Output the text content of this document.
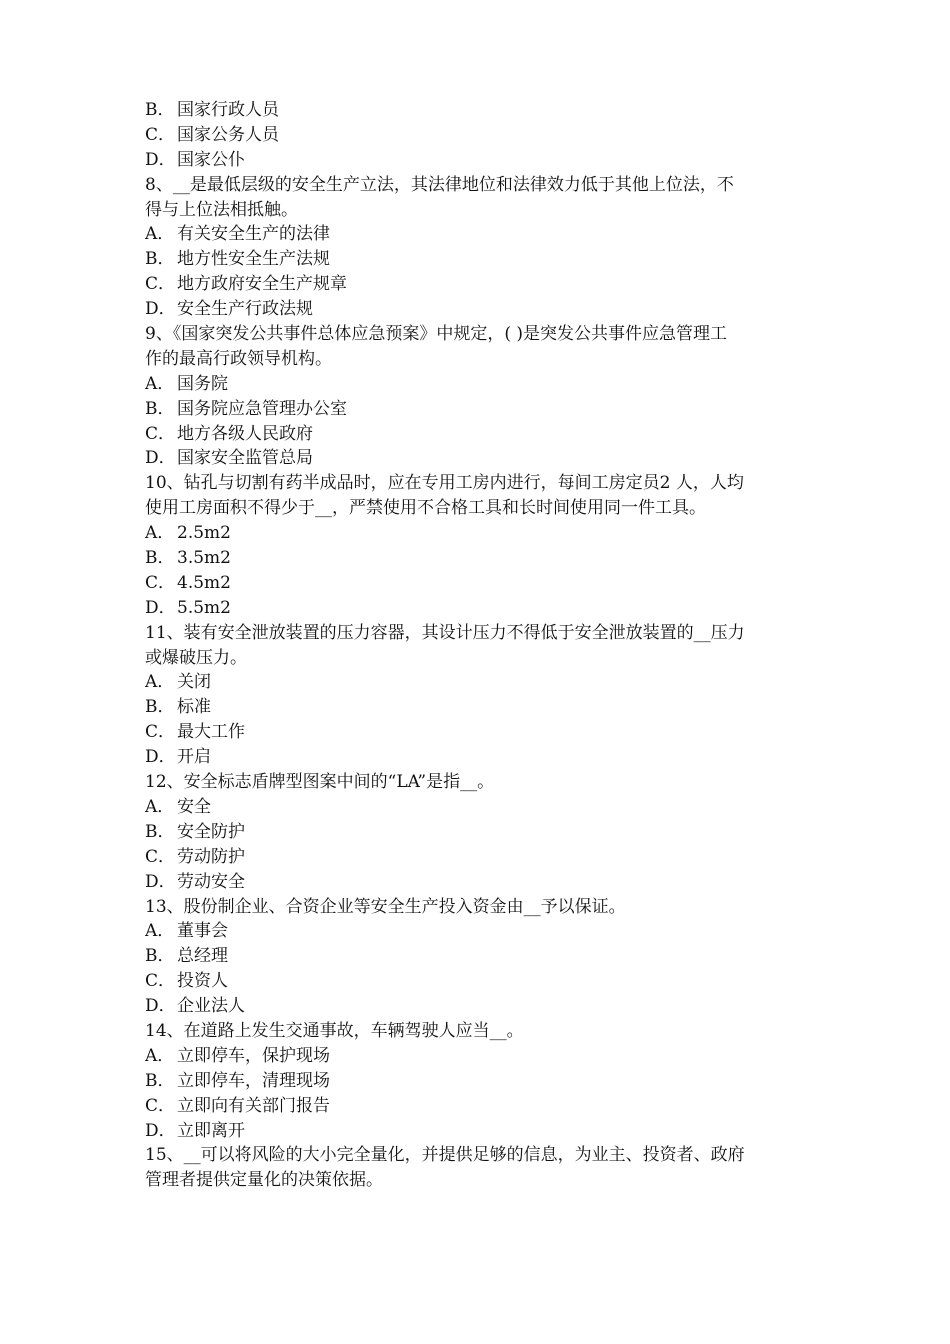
B． 国家行政人员
C． 国家公务人员
D．国家公仆
8、__是最低层级的安全生产立法，其法律地位和法律效力低于其他上位法，不
得与上位法相抵触。
A． 有关安全生产的法律
B． 地方性安全生产法规
C． 地方政府安全生产规章
D．安全生产行政法规
9、《国家突发公共事件总体应急预案》中规定，( )是突发公共事件应急管理工
作的最高行政领导机构。
A． 国务院
B． 国务院应急管理办公室
C． 地方各级人民政府
D．国家安全监管总局
10、钻孔与切割有药半成品时，应在专用工房内进行，每间工房定员2 人，人均
使用工房面积不得少于__，严禁使用不合格工具和长时间使用同一件工具。
A． 2.5m2
B． 3.5m2
C． 4.5m2
D．5.5m2
11、装有安全泄放装置的压力容器，其设计压力不得低于安全泄放装置的__压力
或爆破压力。
A． 关闭
B． 标准
C． 最大工作
D．开启
12、安全标志盾牌型图案中间的“LA”是指__。
A． 安全
B． 安全防护
C． 劳动防护
D．劳动安全
13、股份制企业、合资企业等安全生产投入资金由__予以保证。
A． 董事会
B． 总经理
C． 投资人
D．企业法人
14、在道路上发生交通事故，车辆驾驶人应当__。
A． 立即停车，保护现场
B． 立即停车，清理现场
C． 立即向有关部门报告
D．立即离开
15、__可以将风险的大小完全量化，并提供足够的信息，为业主、投资者、政府
管理者提供定量化的决策依据。
